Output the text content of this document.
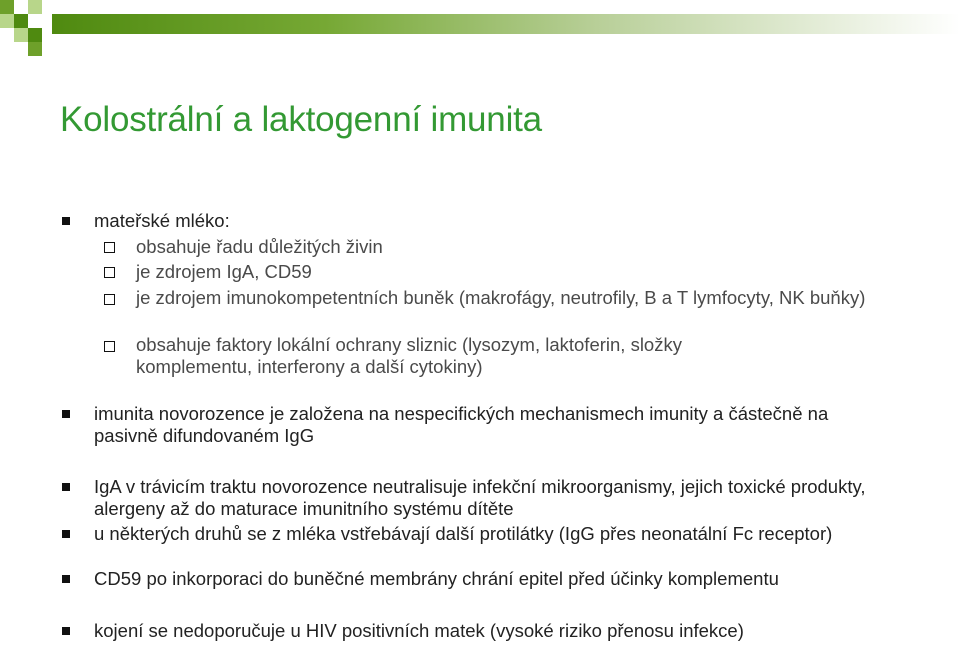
Kolostrální a laktogenní imunita
mateřské mléko:
obsahuje řadu důležitých živin
je zdrojem IgA, CD59
je zdrojem imunokompetentních buněk (makrofágy, neutrofily, B a T lymfocyty, NK buňky)
obsahuje faktory lokální ochrany sliznic (lysozym, laktoferin, složky komplementu, interferony a další cytokiny)
imunita novorozence je založena na nespecifických mechanismech imunity a částečně na pasivně difundovaném IgG
IgA v trávicím traktu novorozence neutralisuje infekční mikroorganismy, jejich toxické produkty, alergeny až do maturace imunitního systému dítěte
u některých druhů se z mléka vstřebávají další protilátky (IgG přes neonatální Fc receptor)
CD59 po inkorporaci do buněčné membrány chrání epitel před účinky komplementu
kojení se nedoporučuje u HIV positivních matek (vysoké riziko přenosu infekce)
